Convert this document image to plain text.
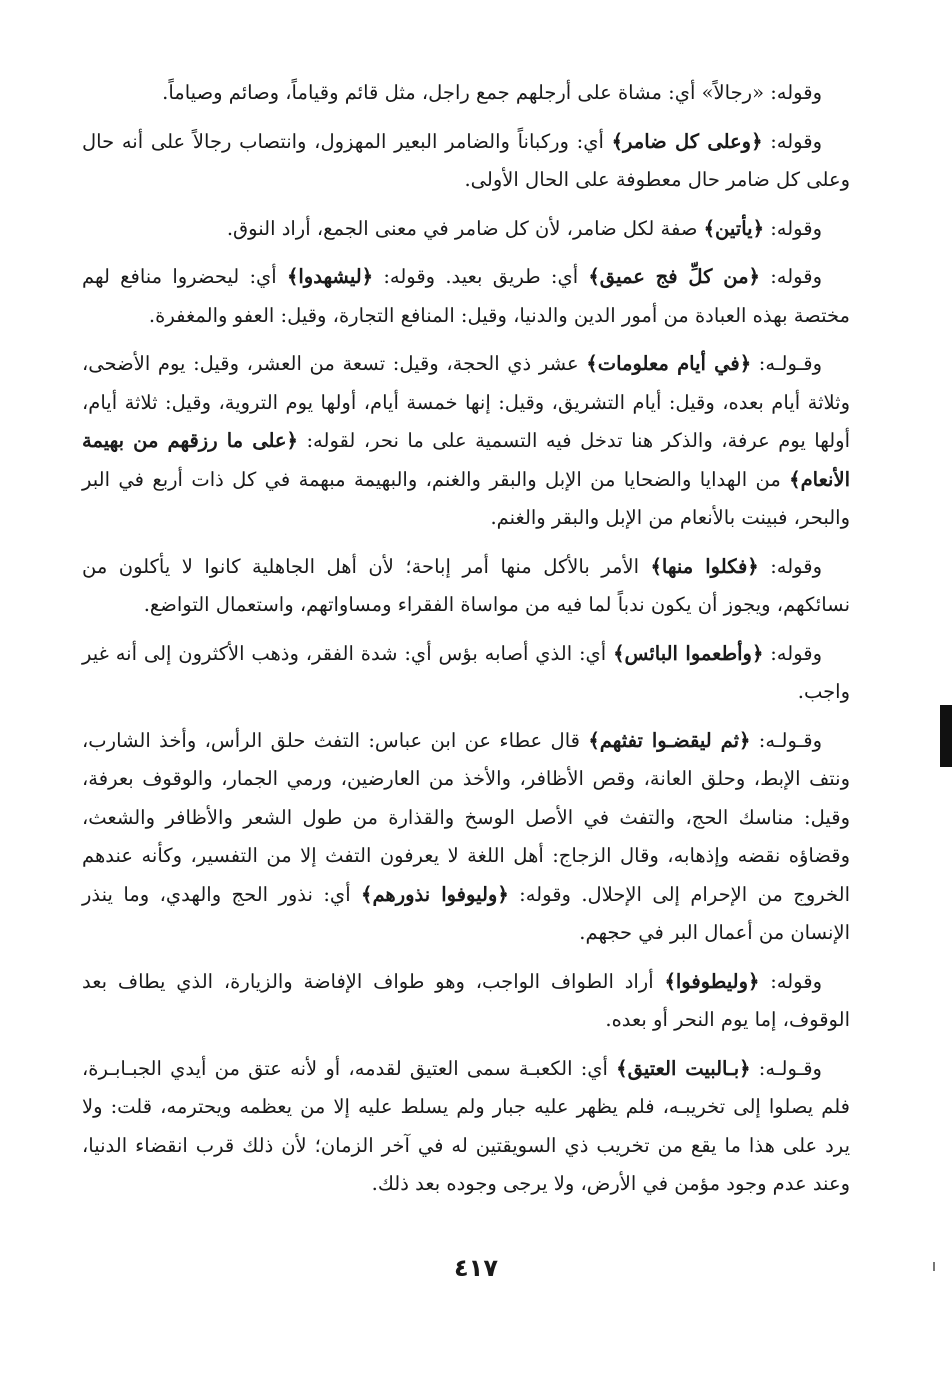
وقوله: «رجالاً» أي: مشاة على أرجلهم جمع راجل، مثل قائم وقياماً، وصائم وصياماً.

وقوله: ﴿وعلى كل ضامر﴾ أي: وركباناً والضامر البعير المهزول، وانتصاب رجالاً على أنه حال وعلى كل ضامر حال معطوفة على الحال الأولى.

وقوله: ﴿يأتين﴾ صفة لكل ضامر، لأن كل ضامر في معنى الجمع، أراد النوق.

وقوله: ﴿من كلِّ فج عميق﴾ أي: طريق بعيد. وقوله: ﴿ليشهدوا﴾ أي: ليحضروا منافع لهم مختصة بهذه العبادة من أمور الدين والدنيا، وقيل: المنافع التجارة، وقيل: العفو والمغفرة.

وقـولـه: ﴿في أيام معلومات﴾ عشر ذي الحجة، وقيل: تسعة من العشر، وقيل: يوم الأضحى، وثلاثة أيام بعده، وقيل: أيام التشريق، وقيل: إنها خمسة أيام، أولها يوم التروية، وقيل: ثلاثة أيام، أولها يوم عرفة، والذكر هنا تدخل فيه التسمية على ما نحر، لقوله: ﴿على ما رزقهم من بهيمة الأنعام﴾ من الهدايا والضحايا من الإبل والبقر والغنم، والبهيمة مبهمة في كل ذات أربع في البر والبحر، فبينت بالأنعام من الإبل والبقر والغنم.

وقوله: ﴿فكلوا منها﴾ الأمر بالأكل منها أمر إباحة؛ لأن أهل الجاهلية كانوا لا يأكلون من نسائكهم، ويجوز أن يكون ندباً لما فيه من مواساة الفقراء ومساواتهم، واستعمال التواضع.

وقوله: ﴿وأطعموا البائس﴾ أي: الذي أصابه بؤس أي: شدة الفقر، وذهب الأكثرون إلى أنه غير واجب.

وقـولـه: ﴿ثم ليقضـوا تفثهم﴾ قال عطاء عن ابن عباس: التفث حلق الرأس، وأخذ الشارب، ونتف الإبط، وحلق العانة، وقص الأظافر، والأخذ من العارضين، ورمي الجمار، والوقوف بعرفة، وقيل: مناسك الحج، والتفث في الأصل الوسخ والقذارة من طول الشعر والأظافر والشعث، وقضاؤه نقضه وإذهابه، وقال الزجاج: أهل اللغة لا يعرفون التفث إلا من التفسير، وكأنه عندهم الخروج من الإحرام إلى الإحلال. وقوله: ﴿وليوفوا نذورهم﴾ أي: نذور الحج والهدي، وما ينذر الإنسان من أعمال البر في حجهم.

وقوله: ﴿وليطوفوا﴾ أراد الطواف الواجب، وهو طواف الإفاضة والزيارة، الذي يطاف بعد الوقوف، إما يوم النحر أو بعده.

وقـولـه: ﴿بـالبيت العتيق﴾ أي: الكعبـة سمى العتيق لقدمه، أو لأنه عتق من أيدي الجبـابـرة، فلم يصلوا إلى تخريبـه، فلم يظهر عليه جبار ولم يسلط عليه إلا من يعظمه ويحترمه، قلت: ولا يرد على هذا ما يقع من تخريب ذي السويقتين له في آخر الزمان؛ لأن ذلك قرب انقضاء الدنيا، وعند عدم وجود مؤمن في الأرض، ولا يرجى وجوده بعد ذلك.

٤١٧
